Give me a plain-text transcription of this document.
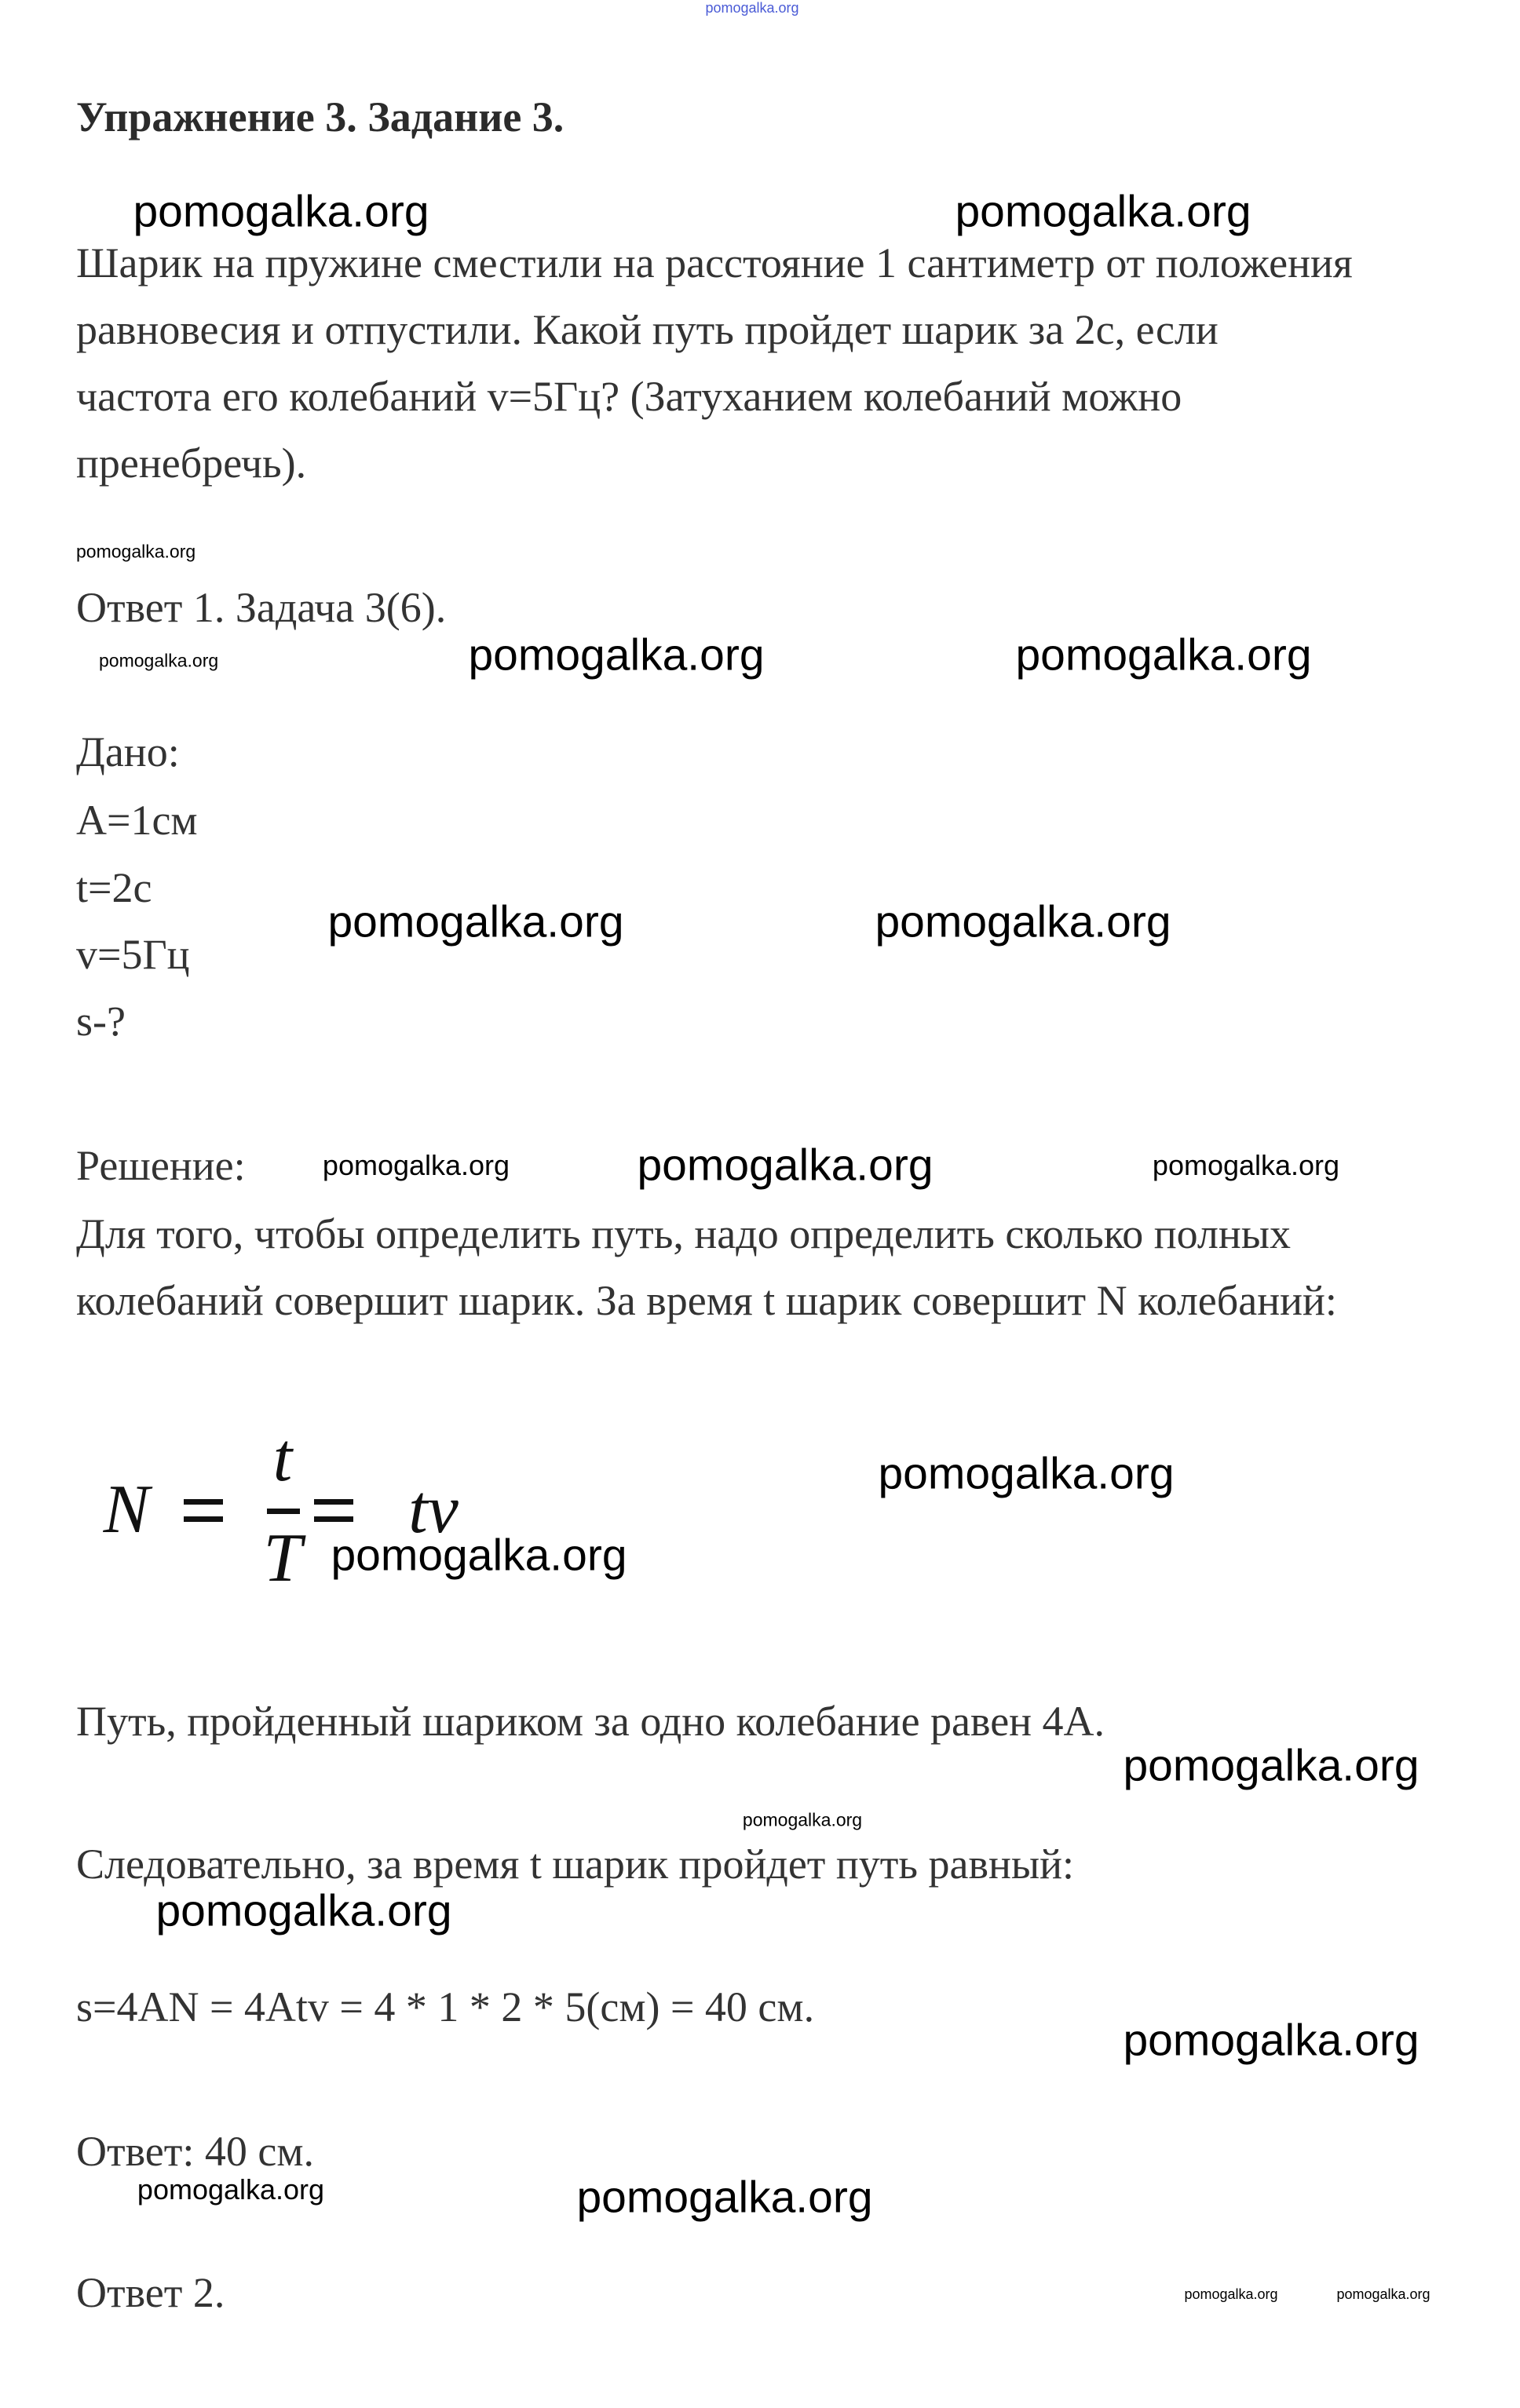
pomogalka.org
Упражнение 3. Задание 3.
Шарик на пружине сместили на расстояние 1 сантиметр от положения
равновесия и отпустили. Какой путь пройдет шарик за 2с, если
частота его колебаний v=5Гц? (Затуханием колебаний можно
пренебречь).
Ответ 1. Задача 3(6).
Дано:
A=1см
t=2c
v=5Гц
s-?
Решение:
Для того, чтобы определить путь, надо определить сколько полных
колебаний совершит шарик. За время t шарик совершит N колебаний:
N
t
T
tv
Путь, пройденный шариком за одно колебание равен 4A.
Следовательно, за время t шарик пройдет путь равный:
s=4AN = 4Atv = 4 * 1 * 2 * 5(см) = 40 см.
Ответ: 40 см.
Ответ 2.
pomogalka.org	pomogalka.org
pomogalka.org
pomogalka.org	pomogalka.org	pomogalka.org
pomogalka.org	pomogalka.org
pomogalka.org	pomogalka.org	pomogalka.org
pomogalka.org
pomogalka.org
pomogalka.org
pomogalka.org
pomogalka.org
pomogalka.org
pomogalka.org	pomogalka.org
pomogalka.org	pomogalka.org
